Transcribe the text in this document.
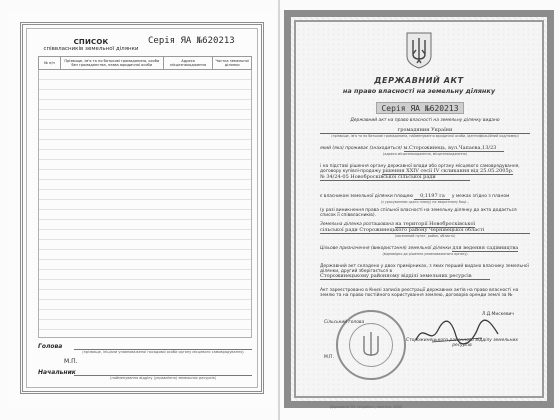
СПИСОК
співвласників земельної ділянки
Серія ЯА №620213
№ п/п	Прізвище, ім'я та по батькові громадянина, особи без громадянства, назва юридичної особи
Адреса місцезнаходження
Частка земельної ділянки
Голова
(прізвище, ініціали уповноваженої посадової особи органу місцевого самоврядування)
М.П.
Начальник
(найменування відділу (управління) земельних ресурсів)
ДЕРЖАВНИЙ АКТ
на право власності на земельну ділянку
Серія ЯА №620213
Державний акт на право власності на земельну ділянку видано
громадянин України
(прізвище, ім'я та по батькові громадянина, найменування юридичної особи, ідентифікаційний код/номер)
який (яка) проживає (знаходиться) м.Сторожинець, вул.Чапаєва,13/23
(адреса місцезнаходження, місцезнаходження)
і на підставі рішення органу державної влади або органу місцевого самоврядування,
договору купівлі-продажу рішення XXIV сесії IV скликання від 25.05.2005р.
№ 34/24-05 Новобросківської сільської ради
є власником земельної ділянки площею 0,1197 га у межах згідно з планом
(з урахуванням цього плану) на зворотному боці...
(у разі виникнення права спільної власності на земельну ділянку до акта додається список її співвласників).
Земельна ділянка розташована на території Новобросківської сільської ради Сторожинецького району Чернівецької області
(населений пункт, район, область)
Цільове призначення (використання) земельної ділянки для ведення садівництва
(відповідно до рішення уповноваженого органу)
Державний акт складено у двох примірниках, з яких перший видано власнику земельної ділянки, другий зберігається в
Сторожинецькому районному відділі земельних ресурсів
Акт зареєстровано в Книзі записів реєстрації державних актів на право власності на землю та на право постійного користування землею, договорів оренди землі за №
Л.Д.Мискевич
Сільський голова
Сторожинецького районного відділу земельних ресурсів
М.П.
Державна ТМ «Україна», пам'ятк. 2005
